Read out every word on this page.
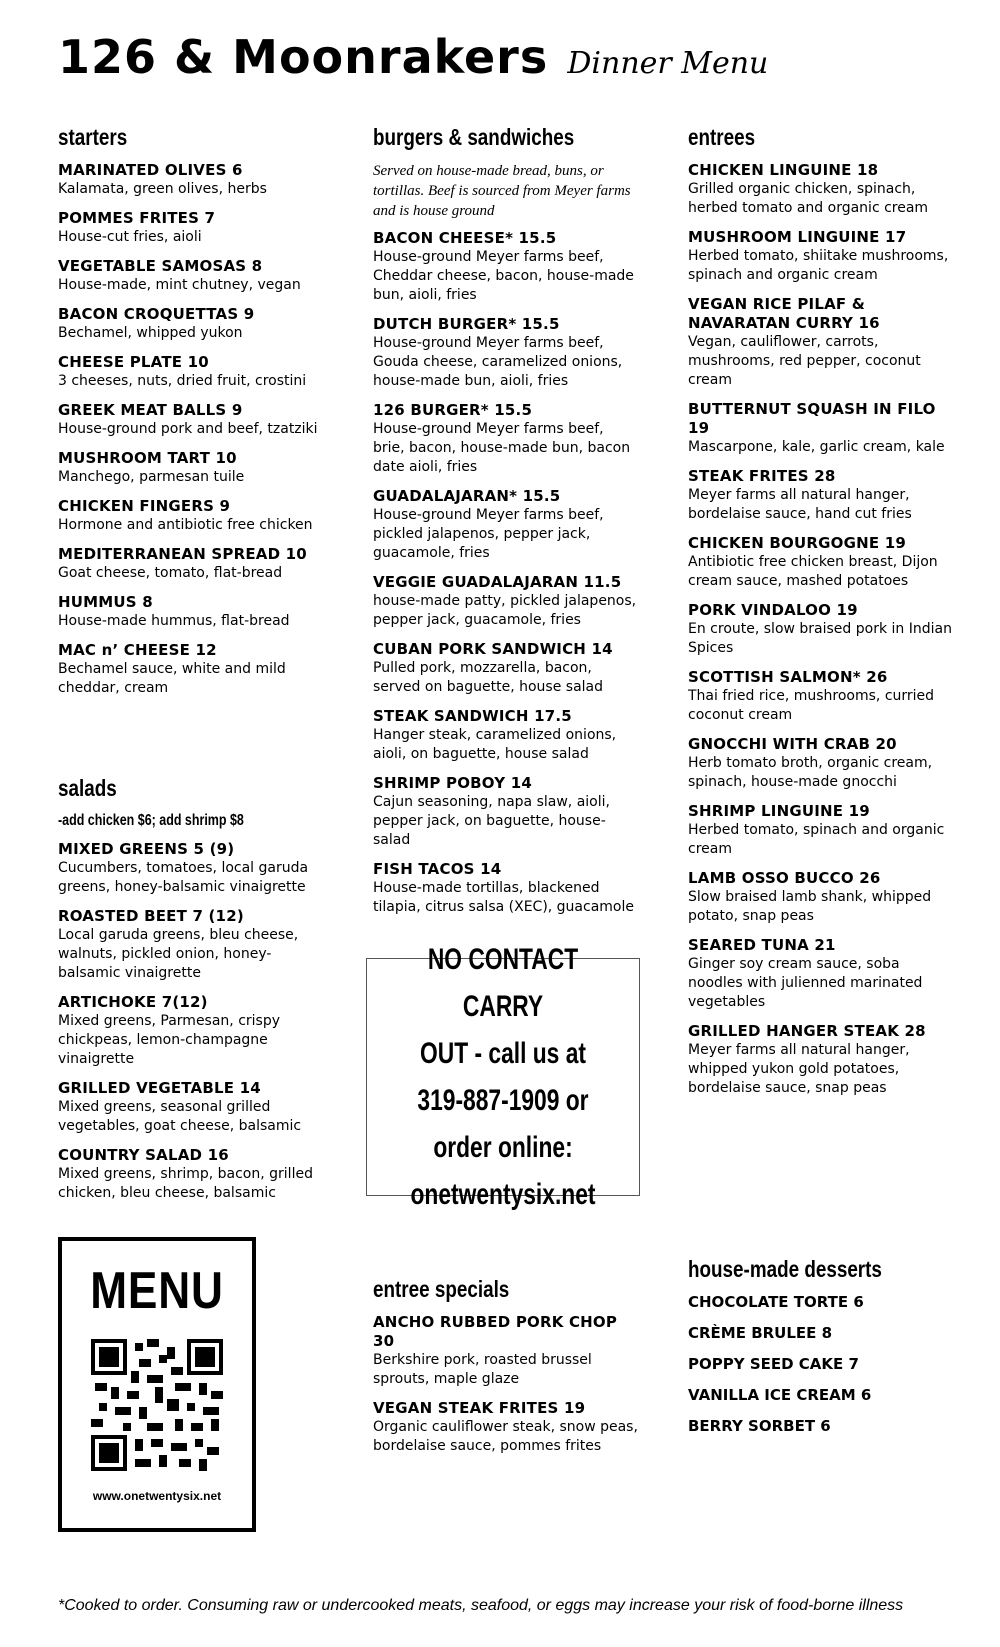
126 & Moonrakers Dinner Menu
starters
MARINATED OLIVES 6
Kalamata, green olives, herbs
POMMES FRITES 7
House-cut fries, aioli
VEGETABLE SAMOSAS 8
House-made, mint chutney, vegan
BACON CROQUETTAS 9
Bechamel, whipped yukon
CHEESE PLATE 10
3 cheeses, nuts, dried fruit, crostini
GREEK MEAT BALLS 9
House-ground pork and beef, tzatziki
MUSHROOM TART 10
Manchego, parmesan tuile
CHICKEN FINGERS 9
Hormone and antibiotic free chicken
MEDITERRANEAN SPREAD 10
Goat cheese, tomato, flat-bread
HUMMUS 8
House-made hummus, flat-bread
MAC n’ CHEESE 12
Bechamel sauce, white and mild cheddar, cream
salads
-add chicken $6; add shrimp $8
MIXED GREENS 5 (9)
Cucumbers, tomatoes, local garuda greens, honey-balsamic vinaigrette
ROASTED BEET 7 (12)
Local garuda greens, bleu cheese, walnuts, pickled onion, honey-balsamic vinaigrette
ARTICHOKE 7(12)
Mixed greens, Parmesan, crispy chickpeas, lemon-champagne vinaigrette
GRILLED VEGETABLE 14
Mixed greens, seasonal grilled vegetables, goat cheese, balsamic
COUNTRY SALAD 16
Mixed greens, shrimp, bacon, grilled chicken, bleu cheese, balsamic
burgers & sandwiches
Served on house-made bread, buns, or tortillas. Beef is sourced from Meyer farms and is house ground
BACON CHEESE* 15.5
House-ground Meyer farms beef, Cheddar cheese, bacon, house-made bun, aioli, fries
DUTCH BURGER* 15.5
House-ground Meyer farms beef, Gouda cheese, caramelized onions, house-made bun, aioli, fries
126 BURGER* 15.5
House-ground Meyer farms beef, brie, bacon, house-made bun, bacon date aioli, fries
GUADALAJARAN* 15.5
House-ground Meyer farms beef, pickled jalapenos, pepper jack, guacamole, fries
VEGGIE GUADALAJARAN 11.5
house-made patty, pickled jalapenos, pepper jack, guacamole, fries
CUBAN PORK SANDWICH 14
Pulled pork, mozzarella, bacon, served on baguette, house salad
STEAK SANDWICH 17.5
Hanger steak, caramelized onions, aioli, on baguette, house salad
SHRIMP POBOY 14
Cajun seasoning, napa slaw, aioli, pepper jack, on baguette, house-salad
FISH TACOS 14
House-made tortillas, blackened tilapia, citrus salsa (XEC), guacamole
NO CONTACT CARRY
OUT - call us at
319-887-1909 or
order online:
onetwentysix.net
entree specials
ANCHO RUBBED PORK CHOP 30
Berkshire pork, roasted brussel sprouts, maple glaze
VEGAN STEAK FRITES 19
Organic cauliflower steak, snow peas, bordelaise sauce, pommes frites
entrees
CHICKEN LINGUINE 18
Grilled organic chicken, spinach, herbed tomato and organic cream
MUSHROOM LINGUINE 17
Herbed tomato, shiitake mushrooms, spinach and organic cream
VEGAN RICE PILAF & NAVARATAN CURRY 16
Vegan, cauliflower, carrots, mushrooms, red pepper, coconut cream
BUTTERNUT SQUASH IN FILO 19
Mascarpone, kale, garlic cream, kale
STEAK FRITES 28
Meyer farms all natural hanger, bordelaise sauce, hand cut fries
CHICKEN BOURGOGNE 19
Antibiotic free chicken breast, Dijon cream sauce, mashed potatoes
PORK VINDALOO 19
En croute, slow braised pork in Indian Spices
SCOTTISH SALMON* 26
Thai fried rice, mushrooms, curried coconut cream
GNOCCHI WITH CRAB 20
Herb tomato broth, organic cream, spinach, house-made gnocchi
SHRIMP LINGUINE 19
Herbed tomato, spinach and organic cream
LAMB OSSO BUCCO 26
Slow braised lamb shank, whipped potato, snap peas
SEARED TUNA 21
Ginger soy cream sauce, soba noodles with julienned marinated vegetables
GRILLED HANGER STEAK 28
Meyer farms all natural hanger, whipped yukon gold potatoes, bordelaise sauce, snap peas
house-made desserts
CHOCOLATE TORTE 6
CRÈME BRULEE 8
POPPY SEED CAKE 7
VANILLA ICE CREAM 6
BERRY SORBET 6
MENU
www.onetwentysix.net
*Cooked to order. Consuming raw or undercooked meats, seafood, or eggs may increase your risk of food-borne illness
